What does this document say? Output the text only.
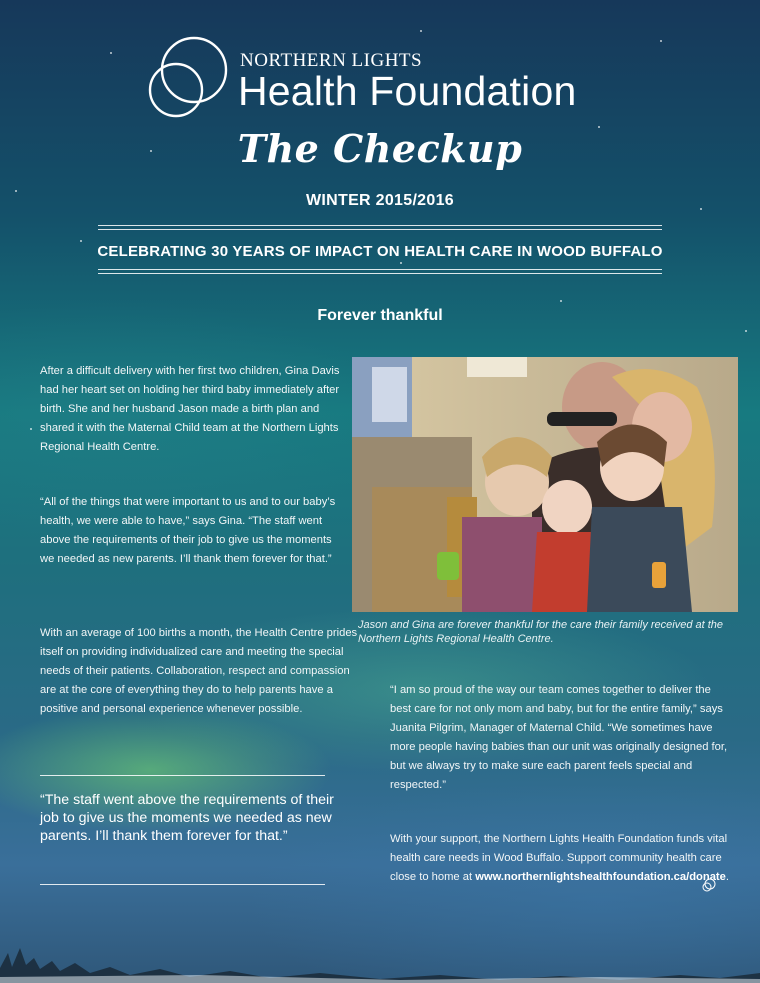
NORTHERN LIGHTS
Health Foundation
The Checkup
WINTER 2015/2016
CELEBRATING 30 YEARS OF IMPACT ON HEALTH CARE IN WOOD BUFFALO
Forever thankful
After a difficult delivery with her first two children, Gina Davis had her heart set on holding her third baby immediately after birth. She and her husband Jason made a birth plan and shared it with the Maternal Child team at the Northern Lights Regional Health Centre.
“All of the things that were important to us and to our baby’s health, we were able to have,” says Gina. “The staff went above the requirements of their job to give us the moments we needed as new parents. I’ll thank them forever for that.”
With an average of 100 births a month, the Health Centre prides itself on providing individualized care and meeting the special needs of their patients. Collaboration, respect and compassion are at the core of everything they do to help parents have a positive and personal experience whenever possible.
Jason and Gina are forever thankful for the care their family received at the Northern Lights Regional Health Centre.
“I am so proud of the way our team comes together to deliver the best care for not only mom and baby, but for the entire family,” says Juanita Pilgrim, Manager of Maternal Child. “We sometimes have more people having babies than our unit was originally designed for, but we always try to make sure each parent feels special and respected.”
With your support, the Northern Lights Health Foundation funds vital health care needs in Wood Buffalo. Support community health care close to home at www.northernlightshealthfoundation.ca/donate.
“The staff went above the requirements of their job to give us the moments we needed as new parents. I’ll thank them forever for that.”
